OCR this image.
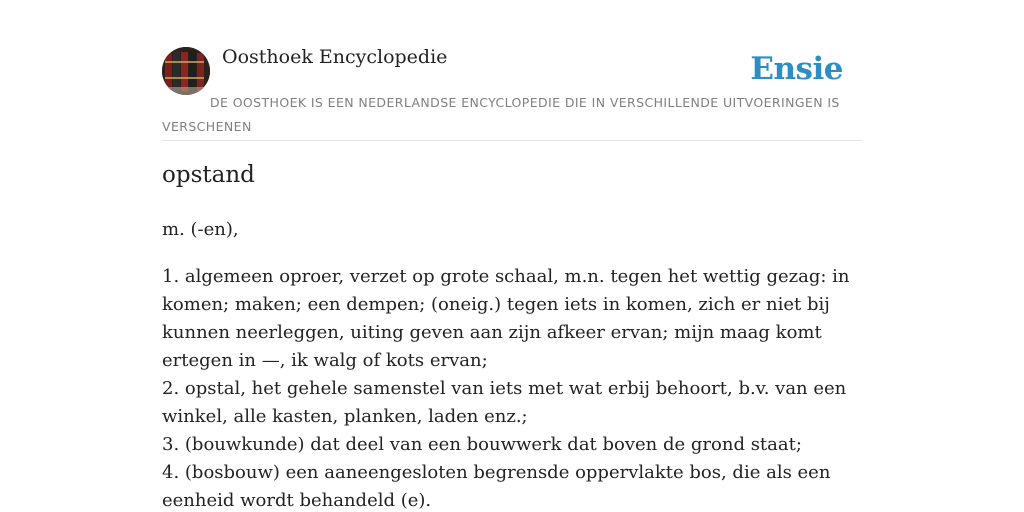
Oosthoek Encyclopedie	Ensie
DE OOSTHOEK IS EEN NEDERLANDSE ENCYCLOPEDIE DIE IN VERSCHILLENDE UITVOERINGEN IS VERSCHENEN
opstand

m. (-en),

1. algemeen oproer, verzet op grote schaal, m.n. tegen het wettig gezag: in komen; maken; een dempen; (oneig.) tegen iets in komen, zich er niet bij kunnen neerleggen, uiting geven aan zijn afkeer ervan; mijn maag komt ertegen in —, ik walg of kots ervan;
2. opstal, het gehele samenstel van iets met wat erbij behoort, b.v. van een winkel, alle kasten, planken, laden enz.;
3. (bouwkunde) dat deel van een bouwwerk dat boven de grond staat;
4. (bosbouw) een aaneengesloten begrensde oppervlakte bos, die als een eenheid wordt behandeld (e).
